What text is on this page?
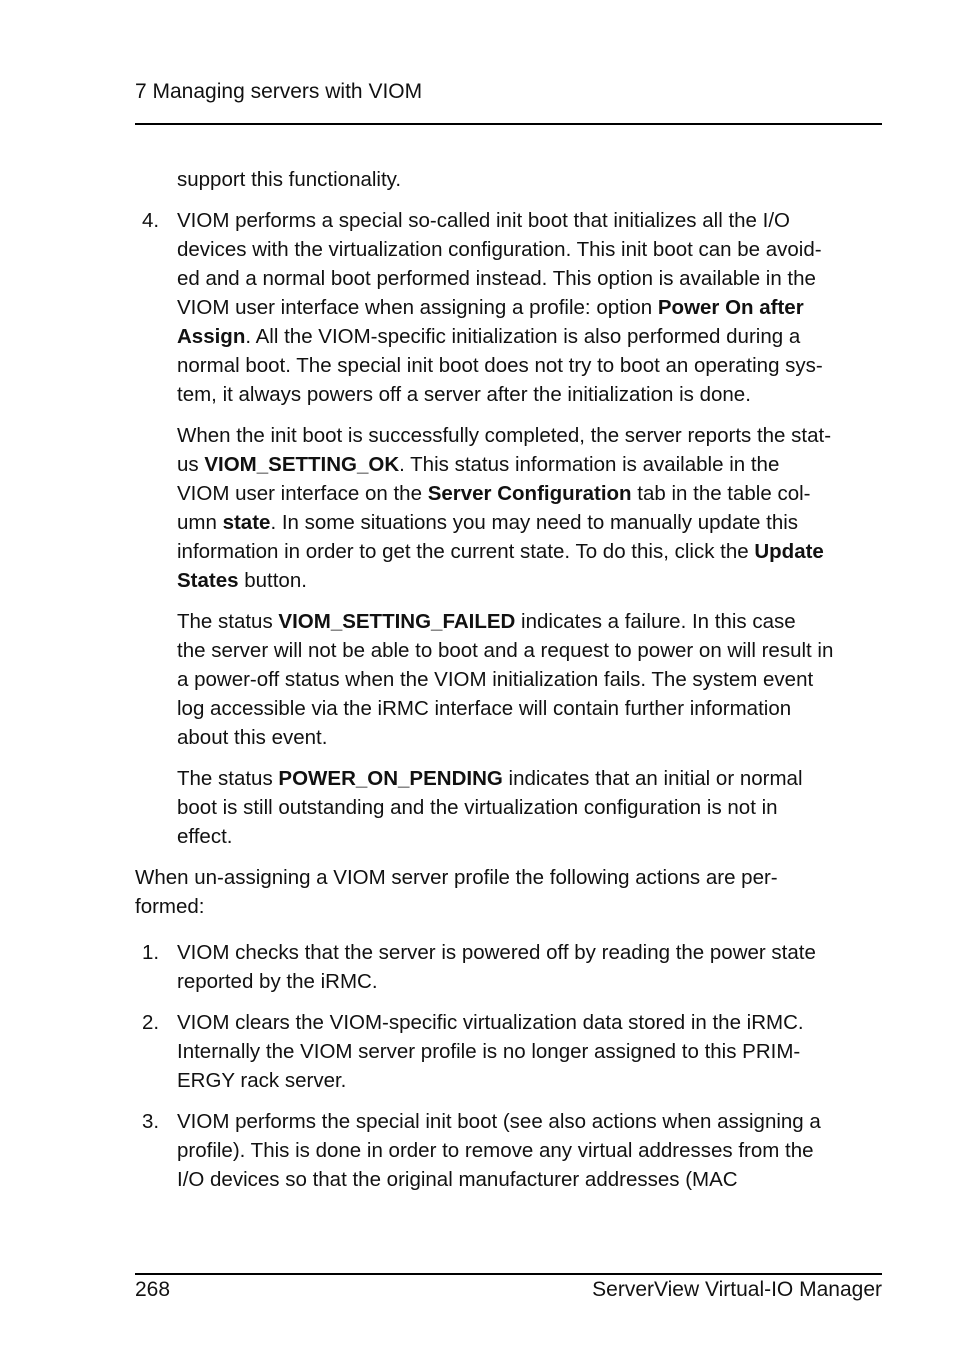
7 Managing servers with VIOM
support this functionality.
4. VIOM performs a special so-called init boot that initializes all the I/O
devices with the virtualization configuration. This init boot can be avoid-
ed and a normal boot performed instead. This option is available in the
VIOM user interface when assigning a profile: option Power On after
Assign. All the VIOM-specific initialization is also performed during a
normal boot. The special init boot does not try to boot an operating sys-
tem, it always powers off a server after the initialization is done.
When the init boot is successfully completed, the server reports the stat-
us VIOM_SETTING_OK. This status information is available in the
VIOM user interface on the Server Configuration tab in the table col-
umn state. In some situations you may need to manually update this
information in order to get the current state. To do this, click the Update
States button.
The status VIOM_SETTING_FAILED indicates a failure. In this case
the server will not be able to boot and a request to power on will result in
a power-off status when the VIOM initialization fails. The system event
log accessible via the iRMC interface will contain further information
about this event.
The status POWER_ON_PENDING indicates that an initial or normal
boot is still outstanding and the virtualization configuration is not in
effect.
When un-assigning a VIOM server profile the following actions are per-
formed:
1. VIOM checks that the server is powered off by reading the power state
reported by the iRMC.
2. VIOM clears the VIOM-specific virtualization data stored in the iRMC.
Internally the VIOM server profile is no longer assigned to this PRIM-
ERGY rack server.
3. VIOM performs the special init boot (see also actions when assigning a
profile). This is done in order to remove any virtual addresses from the
I/O devices so that the original manufacturer addresses (MAC
268	ServerView Virtual-IO Manager
